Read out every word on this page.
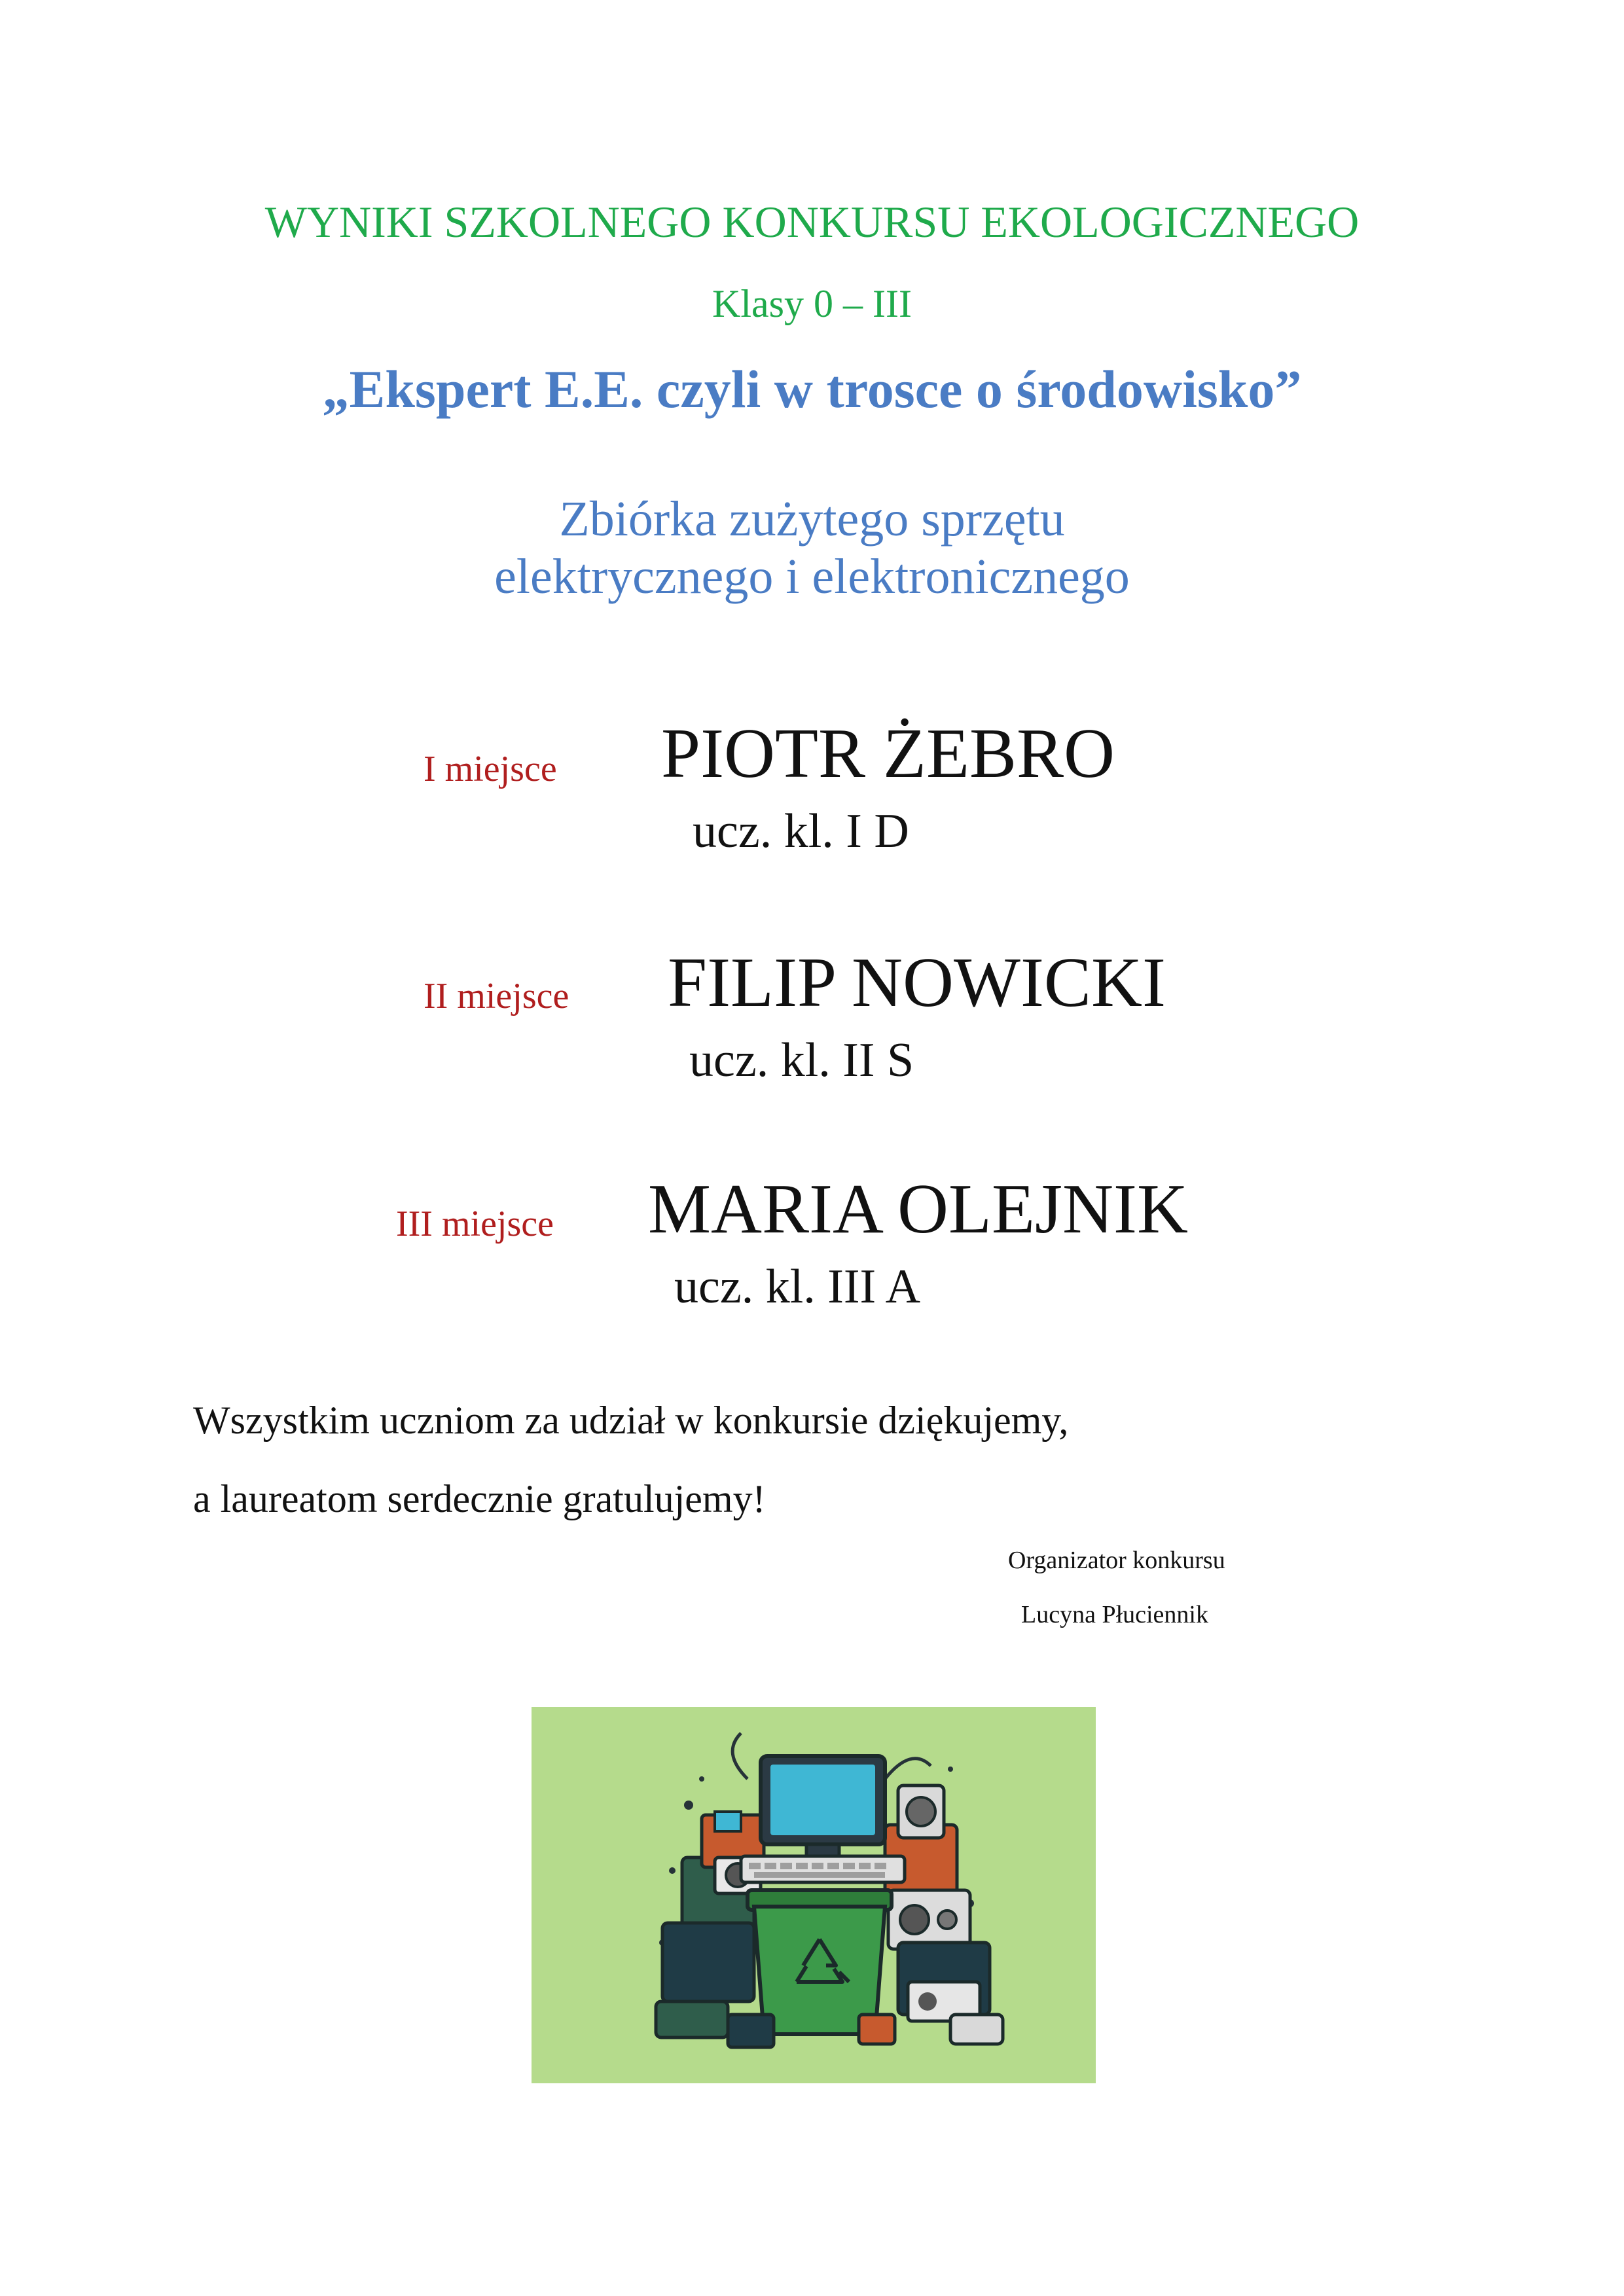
WYNIKI SZKOLNEGO KONKURSU EKOLOGICZNEGO
Klasy 0 – III
„Ekspert E.E. czyli w trosce o środowisko”
Zbiórka zużytego sprzętu
elektrycznego i elektronicznego
I miejsce PIOTR ŻEBRO
ucz. kl. I D
II miejsce FILIP NOWICKI
ucz. kl. II S
III miejsce MARIA OLEJNIK
ucz. kl. III A
Wszystkim uczniom za udział w konkursie dziękujemy,
a laureatom serdecznie gratulujemy!
Organizator konkursu
Lucyna Płuciennik
